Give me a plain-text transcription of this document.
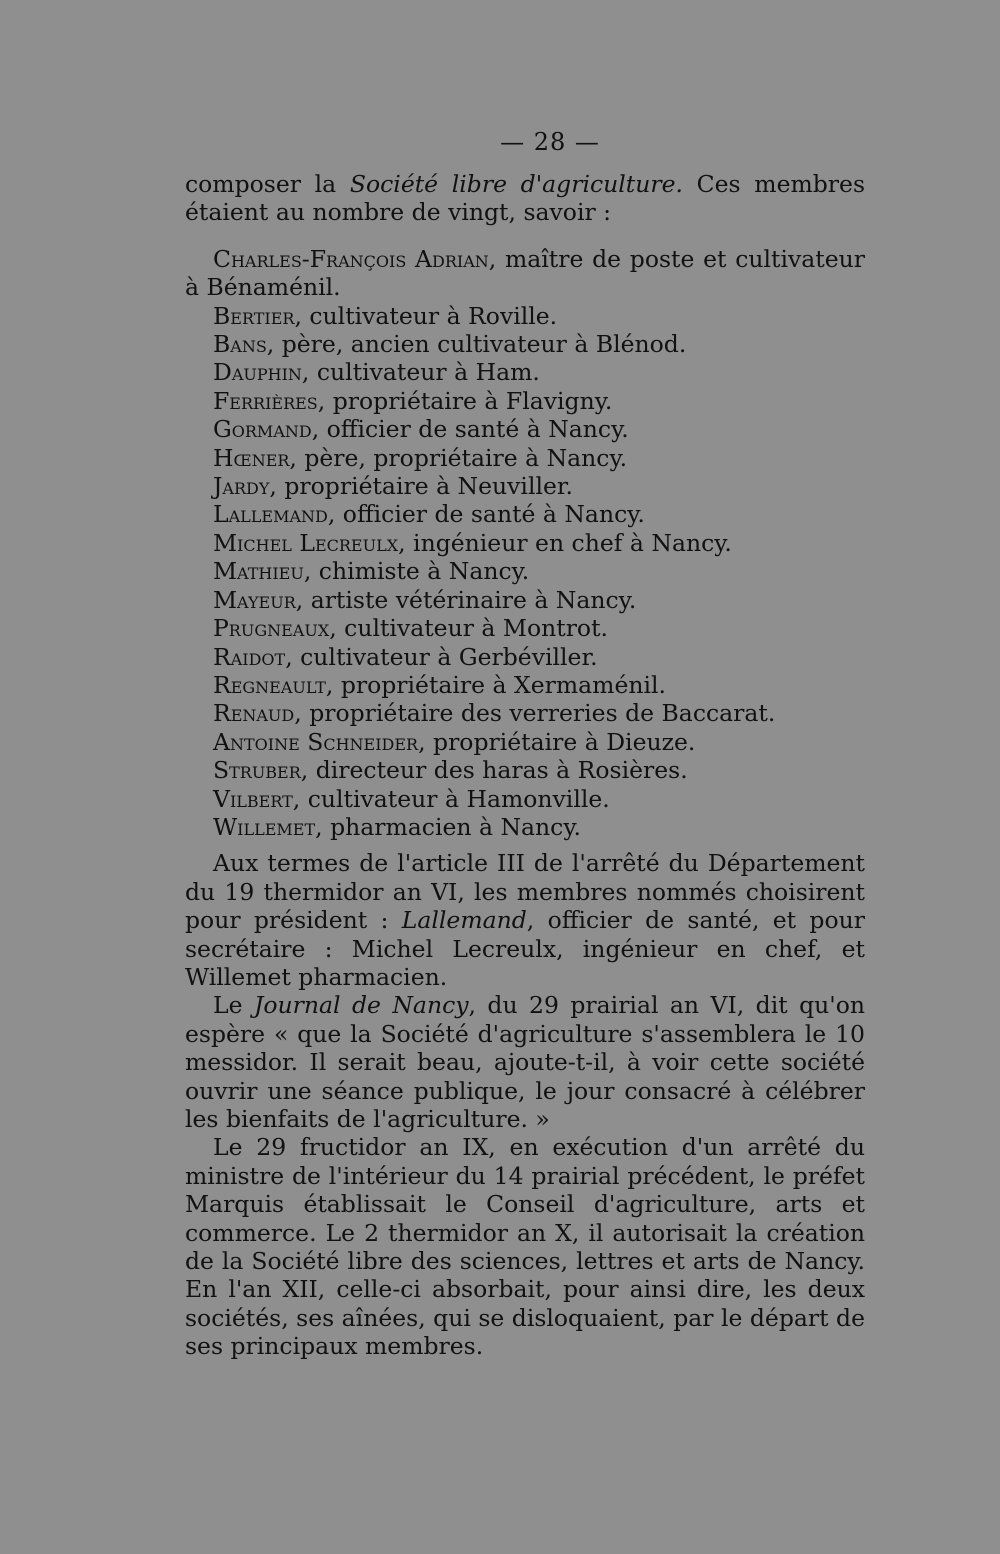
— 28 —

composer la Société libre d'agriculture. Ces membres étaient au nombre de vingt, savoir :

Charles-François Adrian, maître de poste et cultivateur à Bénaménil.
Bertier, cultivateur à Roville.
Bans, père, ancien cultivateur à Blénod.
Dauphin, cultivateur à Ham.
Ferrières, propriétaire à Flavigny.
Gormand, officier de santé à Nancy.
Hœner, père, propriétaire à Nancy.
Jardy, propriétaire à Neuviller.
Lallemand, officier de santé à Nancy.
Michel Lecreulx, ingénieur en chef à Nancy.
Mathieu, chimiste à Nancy.
Mayeur, artiste vétérinaire à Nancy.
Prugneaux, cultivateur à Montrot.
Raidot, cultivateur à Gerbéviller.
Regneault, propriétaire à Xermaménil.
Renaud, propriétaire des verreries de Baccarat.
Antoine Schneider, propriétaire à Dieuze.
Struber, directeur des haras à Rosières.
Vilbert, cultivateur à Hamonville.
Willemet, pharmacien à Nancy.

Aux termes de l'article III de l'arrêté du Département du 19 thermidor an VI, les membres nommés choisirent pour président : Lallemand, officier de santé, et pour secrétaire : Michel Lecreulx, ingénieur en chef, et Willemet pharmacien.

Le Journal de Nancy, du 29 prairial an VI, dit qu'on espère « que la Société d'agriculture s'assemblera le 10 messidor. Il serait beau, ajoute-t-il, à voir cette société ouvrir une séance publique, le jour consacré à célébrer les bienfaits de l'agriculture. »

Le 29 fructidor an IX, en exécution d'un arrêté du ministre de l'intérieur du 14 prairial précédent, le préfet Marquis établissait le Conseil d'agriculture, arts et commerce. Le 2 thermidor an X, il autorisait la création de la Société libre des sciences, lettres et arts de Nancy. En l'an XII, celle-ci absorbait, pour ainsi dire, les deux sociétés, ses aînées, qui se disloquaient, par le départ de ses principaux membres.
